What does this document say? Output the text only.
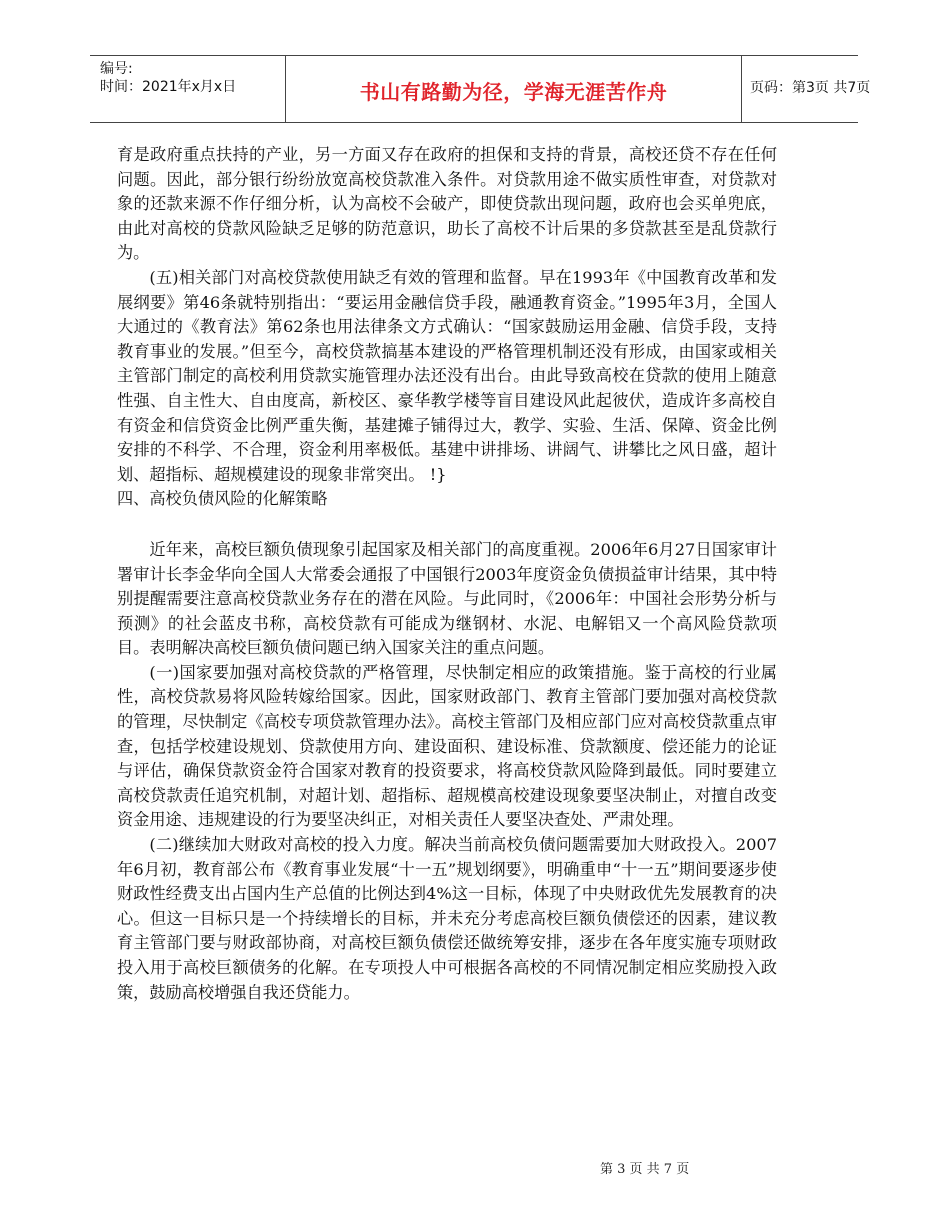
编号:
时间：2021年x月x日	书山有路勤为径，学海无涯苦作舟	页码：第3页 共7页

育是政府重点扶持的产业，另一方面又存在政府的担保和支持的背景，高校还贷不存在任何问题。因此，部分银行纷纷放宽高校贷款准入条件。对贷款用途不做实质性审查，对贷款对象的还款来源不作仔细分析，认为高校不会破产，即使贷款出现问题，政府也会买单兜底，由此对高校的贷款风险缺乏足够的防范意识，助长了高校不计后果的多贷款甚至是乱贷款行为。

(五)相关部门对高校贷款使用缺乏有效的管理和监督。早在1993年《中国教育改革和发展纲要》第46条就特别指出：“要运用金融信贷手段，融通教育资金。”1995年3月，全国人大通过的《教育法》第62条也用法律条文方式确认：“国家鼓励运用金融、信贷手段，支持教育事业的发展。”但至今，高校贷款搞基本建设的严格管理机制还没有形成，由国家或相关主管部门制定的高校利用贷款实施管理办法还没有出台。由此导致高校在贷款的使用上随意性强、自主性大、自由度高，新校区、豪华教学楼等盲目建设风此起彼伏，造成许多高校自有资金和信贷资金比例严重失衡，基建摊子铺得过大，教学、实验、生活、保障、资金比例安排的不科学、不合理，资金利用率极低。基建中讲排场、讲阔气、讲攀比之风日盛，超计划、超指标、超规模建设的现象非常突出。 !}

四、高校负债风险的化解策略

近年来，高校巨额负债现象引起国家及相关部门的高度重视。2006年6月27日国家审计署审计长李金华向全国人大常委会通报了中国银行2003年度资金负债损益审计结果，其中特别提醒需要注意高校贷款业务存在的潜在风险。与此同时，《2006年：中国社会形势分析与预测》的社会蓝皮书称，高校贷款有可能成为继钢材、水泥、电解铝又一个高风险贷款项目。表明解决高校巨额负债问题已纳入国家关注的重点问题。

(一)国家要加强对高校贷款的严格管理，尽快制定相应的政策措施。鉴于高校的行业属性，高校贷款易将风险转嫁给国家。因此，国家财政部门、教育主管部门要加强对高校贷款的管理，尽快制定《高校专项贷款管理办法》。高校主管部门及相应部门应对高校贷款重点审查，包括学校建设规划、贷款使用方向、建设面积、建设标准、贷款额度、偿还能力的论证与评估，确保贷款资金符合国家对教育的投资要求，将高校贷款风险降到最低。同时要建立高校贷款责任追究机制，对超计划、超指标、超规模高校建设现象要坚决制止，对擅自改变资金用途、违规建设的行为要坚决纠正，对相关责任人要坚决查处、严肃处理。

(二)继续加大财政对高校的投入力度。解决当前高校负债问题需要加大财政投入。2007年6月初，教育部公布《教育事业发展“十一五”规划纲要》，明确重申“十一五”期间要逐步使财政性经费支出占国内生产总值的比例达到4%这一目标，体现了中央财政优先发展教育的决心。但这一目标只是一个持续增长的目标，并未充分考虑高校巨额负债偿还的因素，建议教育主管部门要与财政部协商，对高校巨额负债偿还做统筹安排，逐步在各年度实施专项财政投入用于高校巨额债务的化解。在专项投人中可根据各高校的不同情况制定相应奖励投入政策，鼓励高校增强自我还贷能力。

第 3 页 共 7 页
